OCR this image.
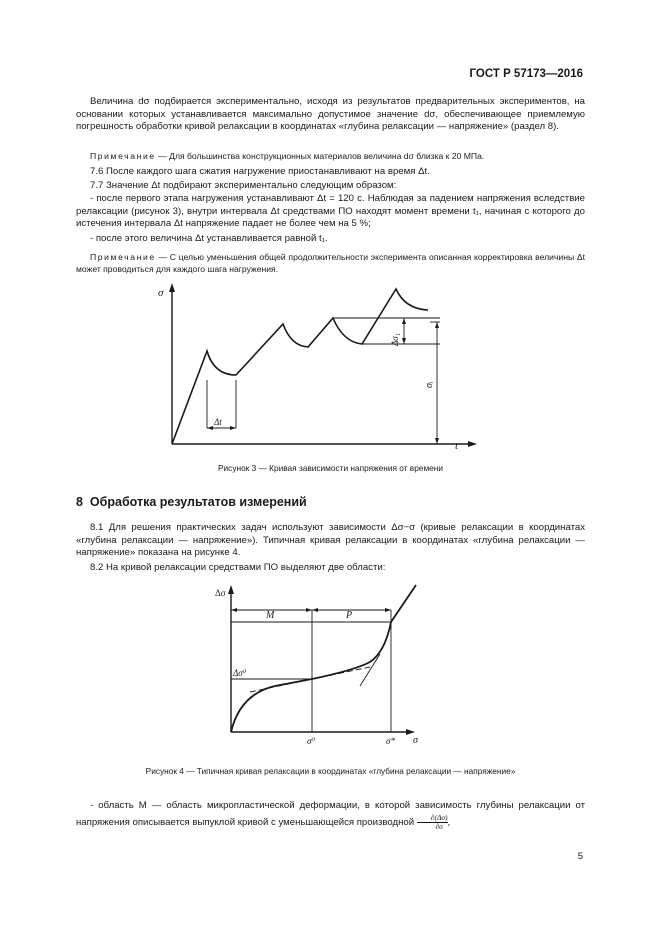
ГОСТ Р 57173—2016
Величина dσ подбирается экспериментально, исходя из результатов предварительных экспериментов, на основании которых устанавливается максимально допустимое значение dσ, обеспечивающее приемлемую погрешность обработки кривой релаксации в координатах «глубина релаксации — напряжение» (раздел 8).
Примечание — Для большинства конструкционных материалов величина dσ близка к 20 МПа.
7.6 После каждого шага сжатия нагружение приостанавливают на время Δt.
7.7 Значение Δt подбирают экспериментально следующим образом:
- после первого этапа нагружения устанавливают Δt = 120 с. Наблюдая за падением напряжения вследствие релаксации (рисунок 3), внутри интервала Δt средствами ПО находят момент времени t₁, начиная с которого до истечения интервала Δt напряжение падает не более чем на 5 %;
- после этого величина Δt устанавливается равной t₁.
Примечание — С целью уменьшения общей продолжительности эксперимента описанная корректировка величины Δt может проводиться для каждого шага нагружения.
σ
Δt
Δσ₁
σᵢ
t
Рисунок 3 — Кривая зависимости напряжения от времени
8 Обработка результатов измерений
8.1 Для решения практических задач используют зависимости Δσ−σ (кривые релаксации в координатах «глубина релаксации — напряжение»). Типичная кривая релаксации в координатах «глубина релаксации — напряжение» показана на рисунке 4.
8.2 На кривой релаксации средствами ПО выделяют две области:
Δσ
σ
M	P
Δσ⁰
σ⁰	σ*
Рисунок 4 — Типичная кривая релаксации в координатах «глубина релаксации — напряжение»
- область M — область микропластической деформации, в которой зависимость глубины релаксации от напряжения описывается выпуклой кривой с уменьшающейся производной $\frac{\partial(\Delta\sigma)}{\partial\sigma}$ ,
5
